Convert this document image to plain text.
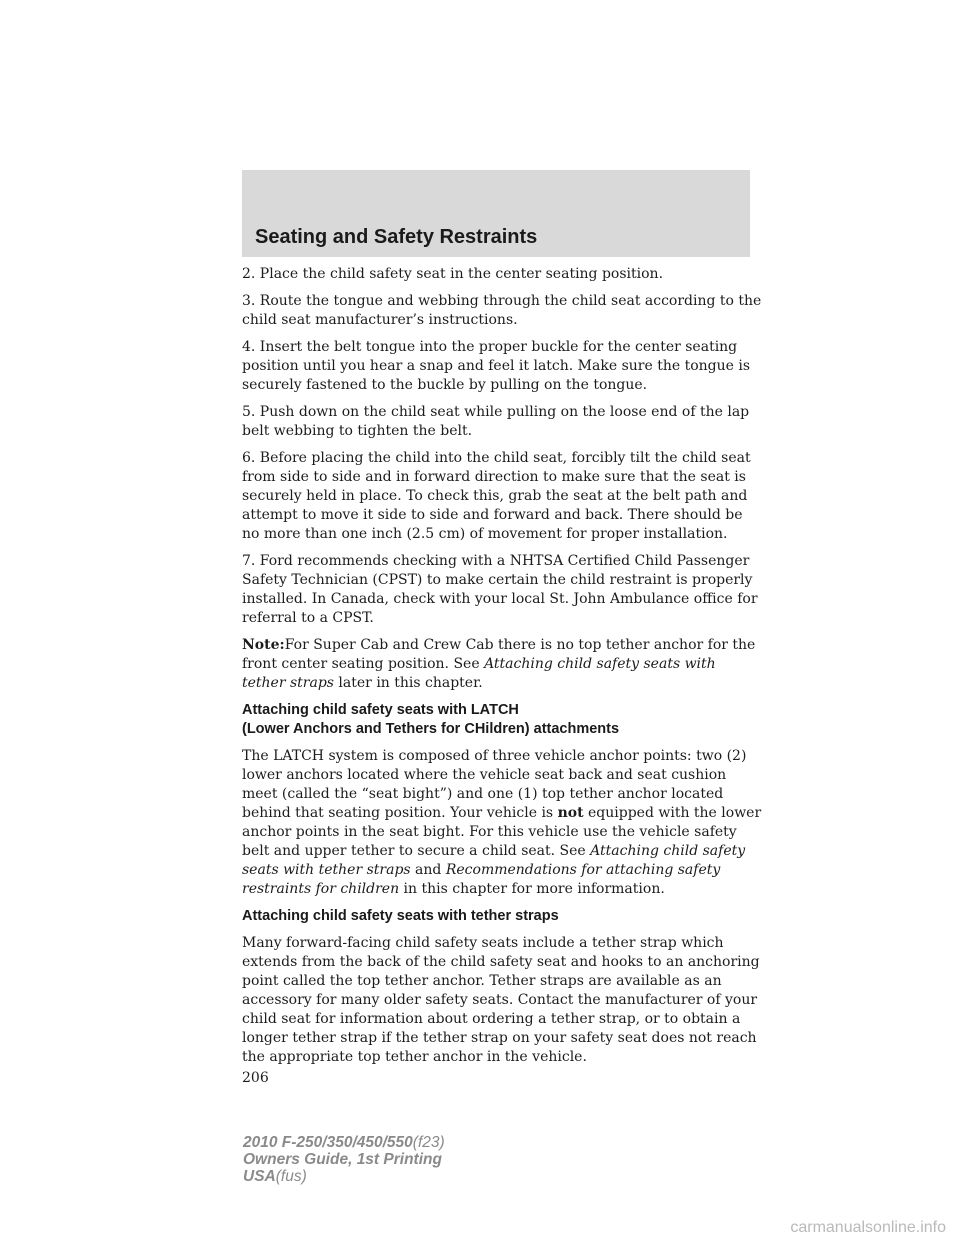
Seating and Safety Restraints

2. Place the child safety seat in the center seating position.

3. Route the tongue and webbing through the child seat according to the child seat manufacturer’s instructions.

4. Insert the belt tongue into the proper buckle for the center seating position until you hear a snap and feel it latch. Make sure the tongue is securely fastened to the buckle by pulling on the tongue.

5. Push down on the child seat while pulling on the loose end of the lap belt webbing to tighten the belt.

6. Before placing the child into the child seat, forcibly tilt the child seat from side to side and in forward direction to make sure that the seat is securely held in place. To check this, grab the seat at the belt path and attempt to move it side to side and forward and back. There should be no more than one inch (2.5 cm) of movement for proper installation.

7. Ford recommends checking with a NHTSA Certified Child Passenger Safety Technician (CPST) to make certain the child restraint is properly installed. In Canada, check with your local St. John Ambulance office for referral to a CPST.

Note:For Super Cab and Crew Cab there is no top tether anchor for the front center seating position. See Attaching child safety seats with tether straps later in this chapter.

Attaching child safety seats with LATCH
(Lower Anchors and Tethers for CHildren) attachments

The LATCH system is composed of three vehicle anchor points: two (2) lower anchors located where the vehicle seat back and seat cushion meet (called the “seat bight”) and one (1) top tether anchor located behind that seating position. Your vehicle is not equipped with the lower anchor points in the seat bight. For this vehicle use the vehicle safety belt and upper tether to secure a child seat. See Attaching child safety seats with tether straps and Recommendations for attaching safety restraints for children in this chapter for more information.

Attaching child safety seats with tether straps

Many forward-facing child safety seats include a tether strap which extends from the back of the child safety seat and hooks to an anchoring point called the top tether anchor. Tether straps are available as an accessory for many older safety seats. Contact the manufacturer of your child seat for information about ordering a tether strap, or to obtain a longer tether strap if the tether strap on your safety seat does not reach the appropriate top tether anchor in the vehicle.

206
2010 F-250/350/450/550(f23)
Owners Guide, 1st Printing
USA(fus)
carmanualsonline.info
